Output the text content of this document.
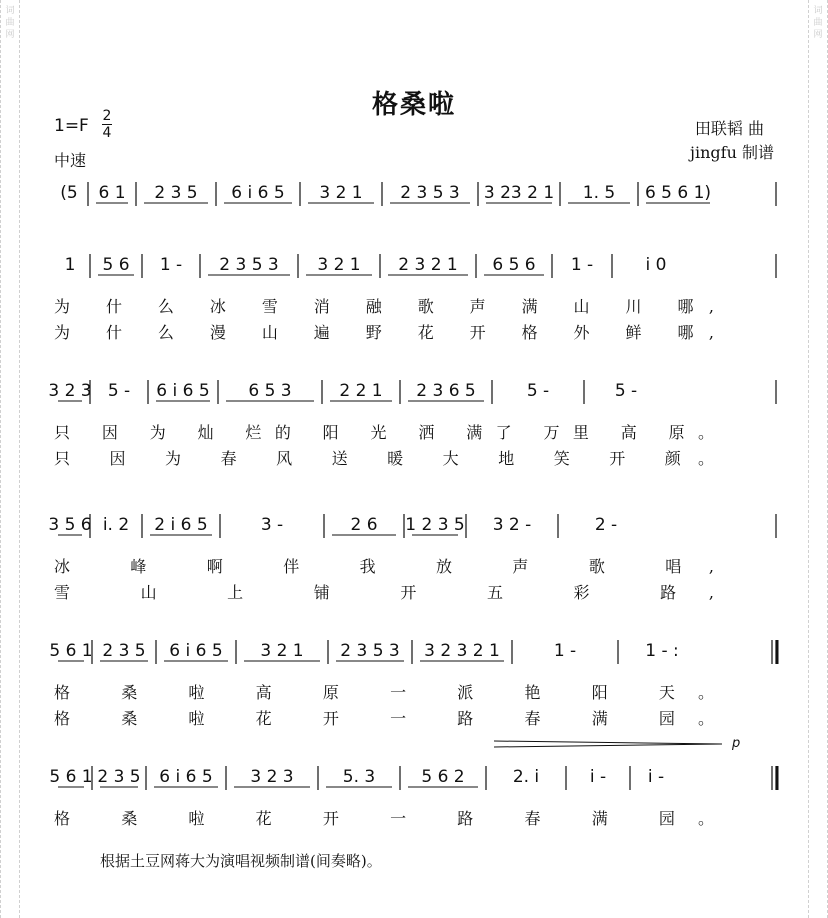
词
曲
网
词
曲
网
格桑啦
1=F 2
4
中速
田联韬 曲
jingfu 制谱
(5 6 1 2 3 5 6 i 6 5 3 2 1 2 3 5 3 3 23 2 1 1. 5 6 5 6 1)
1 5 6 1 - 2 3 5 3 3 2 1 2 3 2 1 6 5 6 1 -	i 0
为 什 么 冰 雪 消 融 歌 声 满 山 川 哪,
为 什 么 漫 山 遍 野 花 开 格 外 鲜 哪,
3 2 3 5 - 6 i 6 5 6 5 3	2 2 1 2 3 6 5	5 -	5 -
只 因 为 灿 烂的 阳 光 洒 满了 万里 高 原。
只 因 为 春 风 送 暖 大 地 笑 开 颜。
3 5 6 i. 2 2 i 6 5	3 -	2 6 1 2 3 5 3 2 -	2 -
冰 峰 啊 伴 我 放 声 歌 唱,
雪 山 上 铺 开 五 彩 路,
5 6 1 2 3 5 6 i 6 5 3 2 1 2 3 5 3 3 2 3 2 1	1 -	1 - :
格 桑 啦 高 原 一 派 艳 阳 天。
格 桑 啦 花 开 一 路 春 满 园。
5 6 1 2 3 5 6 i 6 5 3 2 3	5. 3	5 6 2	2. i	i - i -
格 桑 啦 花 开 一 路 春 满 园。
p
根据土豆网蒋大为演唱视频制谱(间奏略)。
